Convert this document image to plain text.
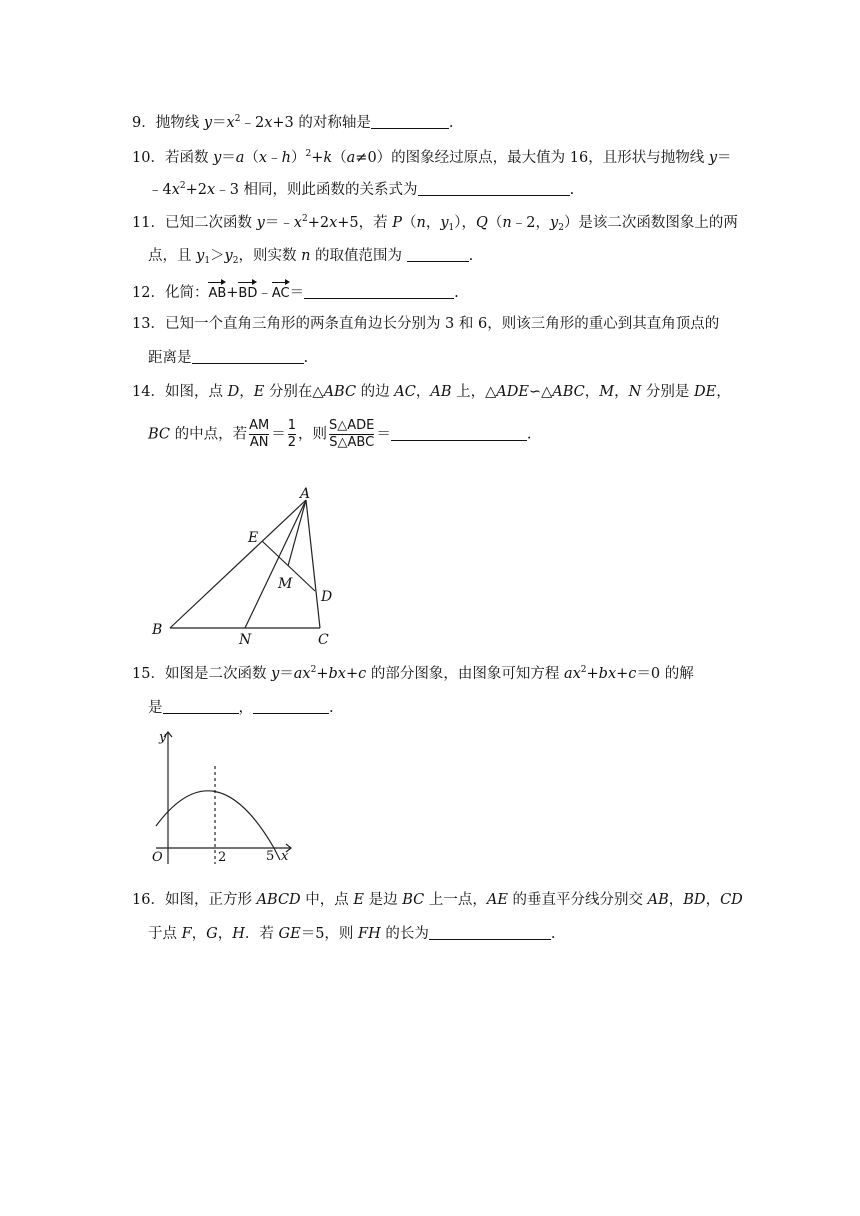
9．抛物线 $y=x^2﹣2x+3$ 的对称轴是	.
10．若函数 y＝a（x﹣h）$^2$+k（a≠0）的图象经过原点，最大值为 16，且形状与抛物线 y＝
$﹣4x^2+2x﹣3$ 相同，则此函数的关系式为	.
11．已知二次函数 $y=﹣x^2+2x+5$，若 P（n，$y_1$），Q（n﹣2，$y_2$）是该二次函数图象上的两
点，且 $y_1>y_2$，则实数 n 的取值范围为	.
12．化简：AB+BD﹣AC＝	.
13．已知一个直角三角形的两条直角边长分别为 3 和 6，则该三角形的重心到其直角顶点的
距离是	.
14．如图，点 D，E 分别在△ABC 的边 AC，AB 上，△ADE∽△ABC，M，N 分别是 DE，
BC 的中点，若 $\frac{AM}{AN} = \frac{1}{2}$ ，则 $\frac{\text{S△ADE}}{\text{S△ABC}}$ ＝	.
A
E
M
D
B
N	C
15．如图是二次函数 $y=ax^2+bx+c$ 的部分图象，由图象可知方程 $ax^2+bx+c=0$ 的解
是	，	.
y
O	2	5 x
16．如图，正方形 ABCD 中，点 E 是边 BC 上一点，AE 的垂直平分线分别交 AB，BD，CD
于点 F，G，H．若 GE＝5，则 FH 的长为	.
